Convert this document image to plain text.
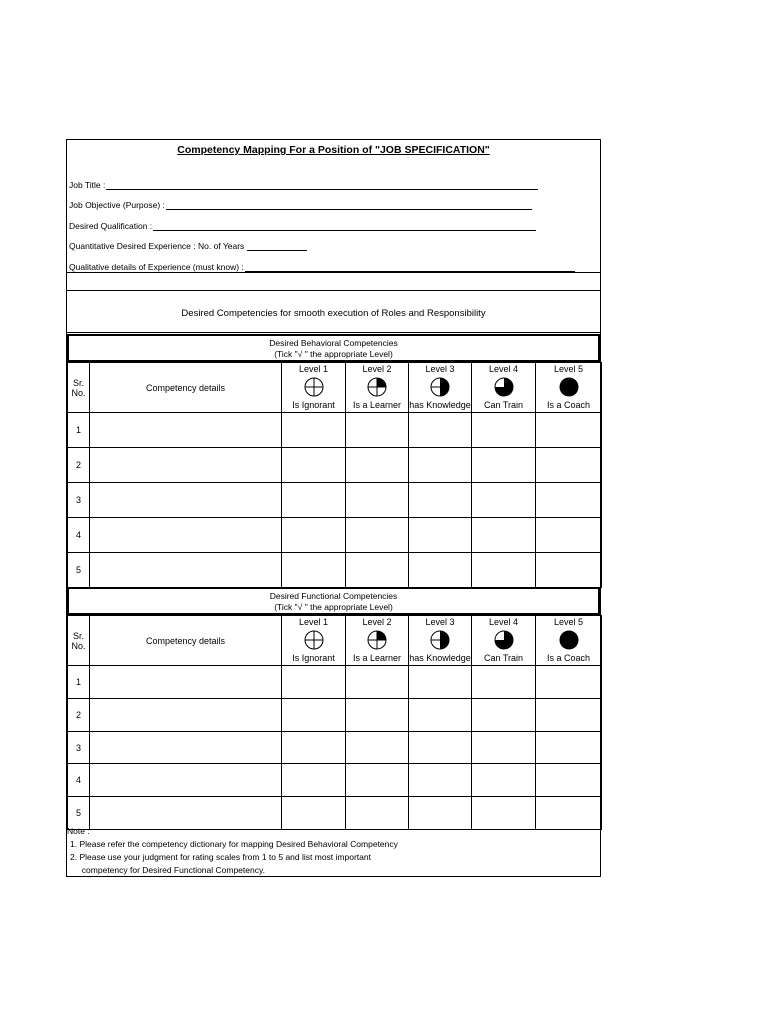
Competency Mapping For a Position of "JOB SPECIFICATION"
Job Title :
Job Objective (Purpose) :
Desired Qualification :
Quantitative Desired Experience : No. of Years
Qualitative details of Experience (must know) :
Desired Competencies for smooth execution of Roles and Responsibility
Desired Behavioral Competencies
(Tick "√ " the appropriate Level)
Sr. No.	Competency details	Level 1	Level 2	Level 3	Level 4	Level 5

		Is Ignorant	Is a Learner	has Knowledge	Can Train	Is a Coach
1						
2						
3						
4						
5						
Desired Functional Competencies
(Tick "√ " the appropriate Level)
Sr. No.	Competency details	Level 1	Level 2	Level 3	Level 4	Level 5

		Is Ignorant	Is a Learner	has Knowledge	Can Train	Is a Coach
1						
2						
3						
4						
5						
Note :
1. Please refer the competency dictionary for mapping Desired Behavioral Competency
2. Please use your judgment for rating scales from 1 to 5 and list most important
competency for Desired Functional Competency.
